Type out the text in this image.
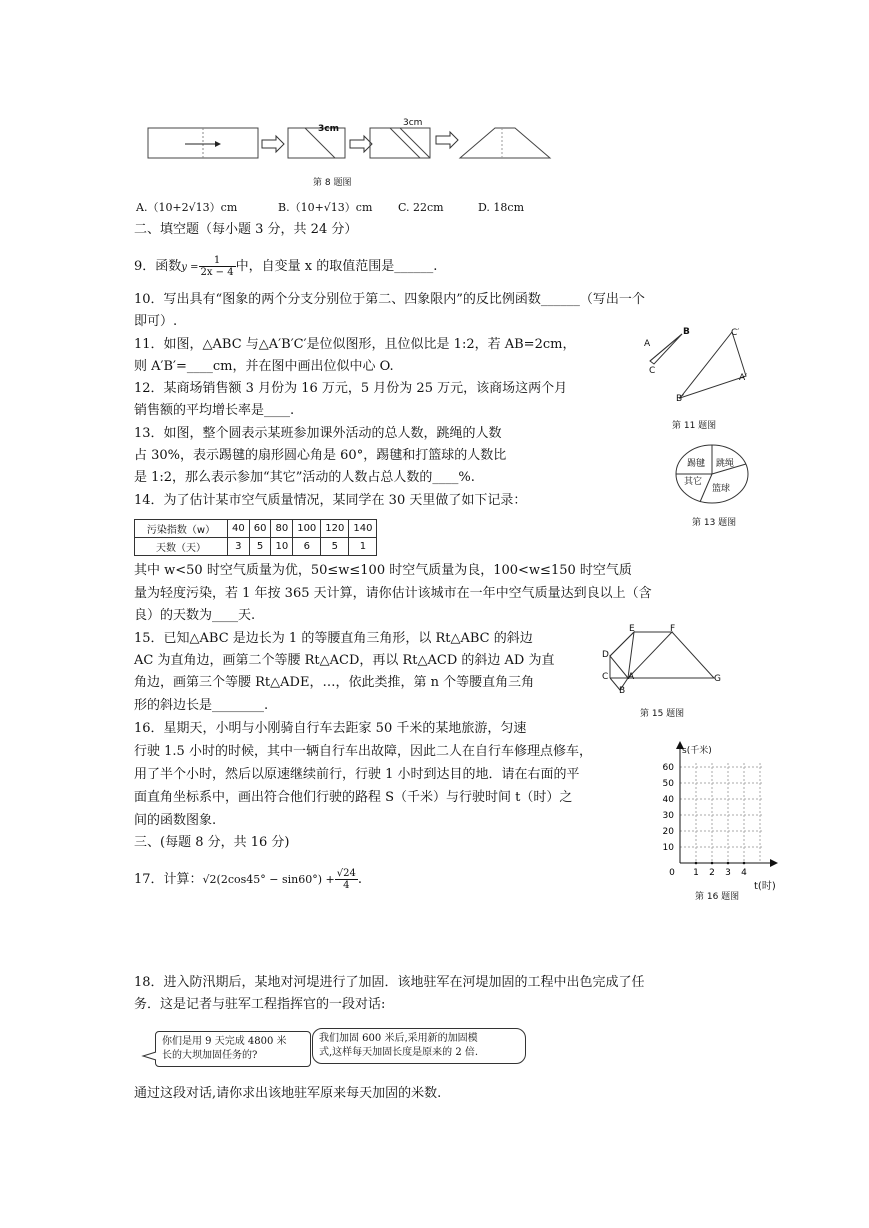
3cm
3cm
第 8 题图
A.（10+2√13）cm	B.（10+√13）cm C. 22cm	D. 18cm
二、填空题（每小题 3 分，共 24 分）
9．函数$y = \frac{1}{2x - 4}$ 中，自变量 x 的取值范围是______.
10．写出具有“图象的两个分支分别位于第二、四象限内”的反比例函数______（写出一个
即可）.
11．如图，△ABC 与△A′B′C′是位似图形，且位似比是 1:2，若 AB=2cm，
则 A′B′=____cm，并在图中画出位似中心 O.
A
B
C
A′
B′
C′
第 11 题图
12．某商场销售额 3 月份为 16 万元，5 月份为 25 万元，该商场这两个月
销售额的平均增长率是____.
13．如图，整个圆表示某班参加课外活动的总人数，跳绳的人数
占 30%，表示踢毽的扇形圆心角是 60°，踢毽和打篮球的人数比
是 1:2，那么表示参加“其它”活动的人数占总人数的____%.
踢毽 跳绳
其它
篮球
第 13 题图
14．为了估计某市空气质量情况，某同学在 30 天里做了如下记录：
污染指数（w）	40	60	80	100	120	140
天数（天）	3	5	10	6	5	1
其中 w<50 时空气质量为优，50≤w≤100 时空气质量为良，100<w≤150 时空气质
量为轻度污染，若 1 年按 365 天计算，请你估计该城市在一年中空气质量达到良以上（含
良）的天数为____天.
15．已知△ABC 是边长为 1 的等腰直角三角形，以 Rt△ABC 的斜边
AC 为直角边，画第二个等腰 Rt△ACD，再以 Rt△ACD 的斜边 AD 为直
角边，画第三个等腰 Rt△ADE，…，依此类推，第 n 个等腰直角三角
形的斜边长是________.
E	F
D
C A
B
G
第 15 题图
16．星期天，小明与小刚骑自行车去距家 50 千米的某地旅游，匀速
行驶 1.5 小时的时候，其中一辆自行车出故障，因此二人在自行车修理点修车，
用了半个小时，然后以原速继续前行，行驶 1 小时到达目的地．请在右面的平
面直角坐标系中，画出符合他们行驶的路程 S（千米）与行驶时间 t（时）之
间的函数图象.
60
50
40
30
20
10
1 2 3 4
0
s(千米)
t(时)
第 16 题图
三、(每题 8 分，共 16 分)
17．计算：$√2(2\cos 45^\circ - \sin 60^\circ) + \frac{√24}{4}$ .
18．进入防汛期后，某地对河堤进行了加固．该地驻军在河堤加固的工程中出色完成了任
务．这是记者与驻军工程指挥官的一段对话:
你们是用 9 天完成 4800 米
长的大坝加固任务的?
我们加固 600 米后,采用新的加固模
式,这样每天加固长度是原来的 2 倍.
通过这段对话,请你求出该地驻军原来每天加固的米数.
